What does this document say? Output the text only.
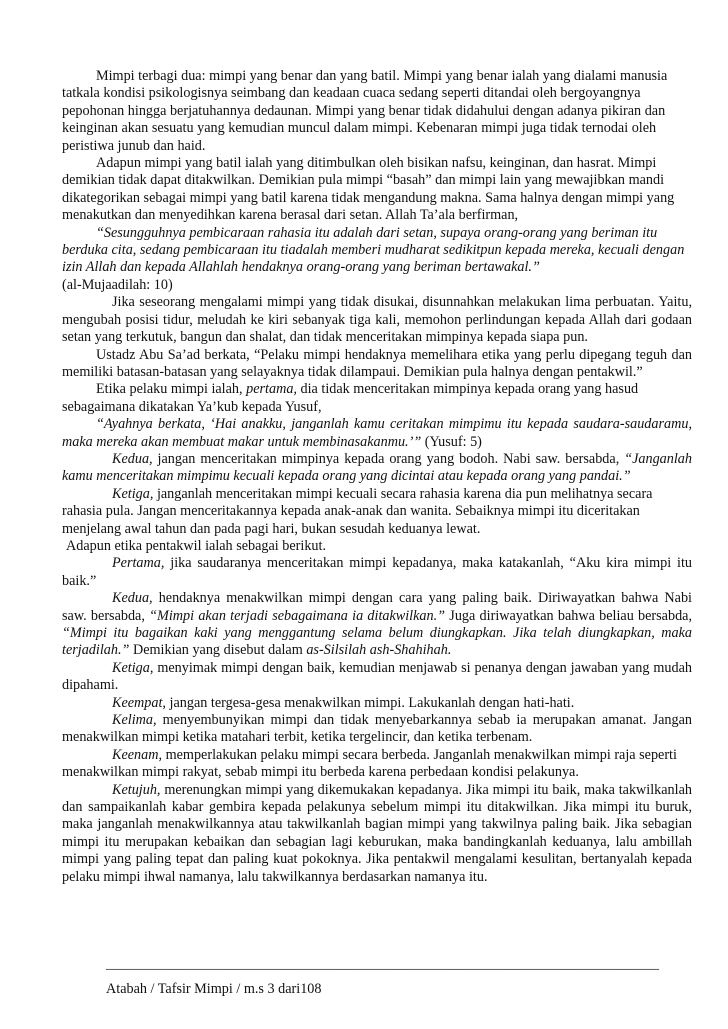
Mimpi terbagi dua: mimpi yang benar dan yang batil. Mimpi yang benar ialah yang dialami manusia tatkala kondisi psikologisnya seimbang dan keadaan cuaca sedang seperti ditandai oleh bergoyangnya pepohonan hingga berjatuhannya dedaunan. Mimpi yang benar tidak didahului dengan adanya pikiran dan keinginan akan sesuatu yang kemudian muncul dalam mimpi. Kebenaran mimpi juga tidak ternodai oleh peristiwa junub dan haid.

Adapun mimpi yang batil ialah yang ditimbulkan oleh bisikan nafsu, keinginan, dan hasrat. Mimpi demikian tidak dapat ditakwilkan. Demikian pula mimpi “basah” dan mimpi lain yang mewajibkan mandi dikategorikan sebagai mimpi yang batil karena tidak mengandung makna. Sama halnya dengan mimpi yang menakutkan dan menyedihkan karena berasal dari setan. Allah Ta’ala berfirman,

“Sesungguhnya pembicaraan rahasia itu adalah dari setan, supaya orang-orang yang beriman itu berduka cita, sedang pembicaraan itu tiadalah memberi mudharat sedikitpun kepada mereka, kecuali dengan izin Allah dan kepada Allahlah hendaknya orang-orang yang beriman bertawakal.”
(al-Mujaadilah: 10)

Jika seseorang mengalami mimpi yang tidak disukai, disunnahkan melakukan lima perbuatan. Yaitu, mengubah posisi tidur, meludah ke kiri sebanyak tiga kali, memohon perlindungan kepada Allah dari godaan setan yang terkutuk, bangun dan shalat, dan tidak menceritakan mimpinya kepada siapa pun.

Ustadz Abu Sa’ad berkata, “Pelaku mimpi hendaknya memelihara etika yang perlu dipegang teguh dan memiliki batasan-batasan yang selayaknya tidak dilampaui. Demikian pula halnya dengan pentakwil.”

Etika pelaku mimpi ialah, pertama, dia tidak menceritakan mimpinya kepada orang yang hasud sebagaimana dikatakan Ya’kub kepada Yusuf,

“Ayahnya berkata, ‘Hai anakku, janganlah kamu ceritakan mimpimu itu kepada saudara-saudaramu, maka mereka akan membuat makar untuk membinasakanmu.’” (Yusuf: 5)

Kedua, jangan menceritakan mimpinya kepada orang yang bodoh. Nabi saw. bersabda, “Janganlah kamu menceritakan mimpimu kecuali kepada orang yang dicintai atau kepada orang yang pandai.”

Ketiga, janganlah menceritakan mimpi kecuali secara rahasia karena dia pun melihatnya secara rahasia pula. Jangan menceritakannya kepada anak-anak dan wanita. Sebaiknya mimpi itu diceritakan menjelang awal tahun dan pada pagi hari, bukan sesudah keduanya lewat.

Adapun etika pentakwil ialah sebagai berikut.

Pertama, jika saudaranya menceritakan mimpi kepadanya, maka katakanlah, “Aku kira mimpi itu baik.”

Kedua, hendaknya menakwilkan mimpi dengan cara yang paling baik. Diriwayatkan bahwa Nabi saw. bersabda, “Mimpi akan terjadi sebagaimana ia ditakwilkan.” Juga diriwayatkan bahwa beliau bersabda, “Mimpi itu bagaikan kaki yang menggantung selama belum diungkapkan. Jika telah diungkapkan, maka terjadilah.” Demikian yang disebut dalam as-Silsilah ash-Shahihah.

Ketiga, menyimak mimpi dengan baik, kemudian menjawab si penanya dengan jawaban yang mudah dipahami.

Keempat, jangan tergesa-gesa menakwilkan mimpi. Lakukanlah dengan hati-hati.

Kelima, menyembunyikan mimpi dan tidak menyebarkannya sebab ia merupakan amanat. Jangan menakwilkan mimpi ketika matahari terbit, ketika tergelincir, dan ketika terbenam.

Keenam, memperlakukan pelaku mimpi secara berbeda. Janganlah menakwilkan mimpi raja seperti menakwilkan mimpi rakyat, sebab mimpi itu berbeda karena perbedaan kondisi pelakunya.

Ketujuh, merenungkan mimpi yang dikemukakan kepadanya. Jika mimpi itu baik, maka takwilkanlah dan sampaikanlah kabar gembira kepada pelakunya sebelum mimpi itu ditakwilkan. Jika mimpi itu buruk, maka janganlah menakwilkannya atau takwilkanlah bagian mimpi yang takwilnya paling baik. Jika sebagian mimpi itu merupakan kebaikan dan sebagian lagi keburukan, maka bandingkanlah keduanya, lalu ambillah mimpi yang paling tepat dan paling kuat pokoknya. Jika pentakwil mengalami kesulitan, bertanyalah kepada pelaku mimpi ihwal namanya, lalu takwilkannya berdasarkan namanya itu.

_______________________________________________________________________________
Atabah / Tafsir Mimpi / m.s 3 dari108
